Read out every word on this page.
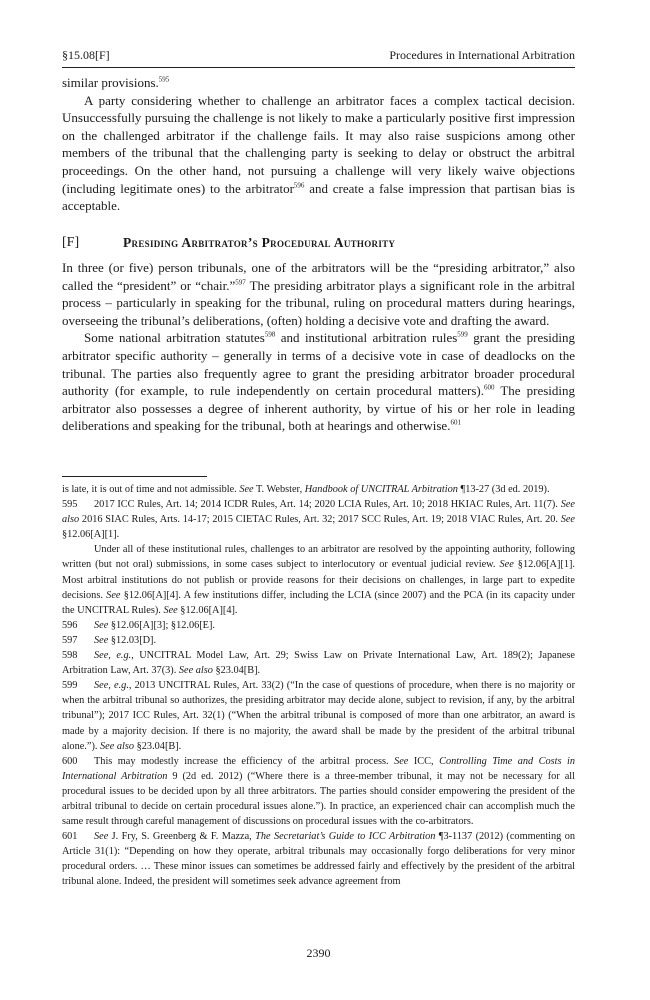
§15.08[F]	Procedures in International Arbitration

similar provisions.$^{595}$

A party considering whether to challenge an arbitrator faces a complex tactical decision. Unsuccessfully pursuing the challenge is not likely to make a particularly positive first impression on the challenged arbitrator if the challenge fails. It may also raise suspicions among other members of the tribunal that the challenging party is seeking to delay or obstruct the arbitral proceedings. On the other hand, not pursuing a challenge will very likely waive objections (including legitimate ones) to the arbitrator$^{596}$ and create a false impression that partisan bias is acceptable.

[F]	Presiding Arbitrator’s Procedural Authority

In three (or five) person tribunals, one of the arbitrators will be the “presiding arbitrator,” also called the “president” or “chair.”$^{597}$ The presiding arbitrator plays a significant role in the arbitral process – particularly in speaking for the tribunal, ruling on procedural matters during hearings, overseeing the tribunal’s deliberations, (often) holding a decisive vote and drafting the award.

Some national arbitration statutes$^{598}$ and institutional arbitration rules$^{599}$ grant the presiding arbitrator specific authority – generally in terms of a decisive vote in case of deadlocks on the tribunal. The parties also frequently agree to grant the presiding arbitrator broader procedural authority (for example, to rule independently on certain procedural matters).$^{600}$ The presiding arbitrator also possesses a degree of inherent authority, by virtue of his or her role in leading deliberations and speaking for the tribunal, both at hearings and otherwise.$^{601}$

is late, it is out of time and not admissible. See T. Webster, Handbook of UNCITRAL Arbitration ¶13-27 (3d ed. 2019).

595 2017 ICC Rules, Art. 14; 2014 ICDR Rules, Art. 14; 2020 LCIA Rules, Art. 10; 2018 HKIAC Rules, Art. 11(7). See also 2016 SIAC Rules, Arts. 14-17; 2015 CIETAC Rules, Art. 32; 2017 SCC Rules, Art. 19; 2018 VIAC Rules, Art. 20. See §12.06[A][1].

Under all of these institutional rules, challenges to an arbitrator are resolved by the appointing authority, following written (but not oral) submissions, in some cases subject to interlocutory or eventual judicial review. See §12.06[A][1]. Most arbitral institutions do not publish or provide reasons for their decisions on challenges, in large part to expedite decisions. See §12.06[A][4]. A few institutions differ, including the LCIA (since 2007) and the PCA (in its capacity under the UNCITRAL Rules). See §12.06[A][4].

596 See §12.06[A][3]; §12.06[E].

597 See §12.03[D].

598 See, e.g., UNCITRAL Model Law, Art. 29; Swiss Law on Private International Law, Art. 189(2); Japanese Arbitration Law, Art. 37(3). See also §23.04[B].

599 See, e.g., 2013 UNCITRAL Rules, Art. 33(2) (“In the case of questions of procedure, when there is no majority or when the arbitral tribunal so authorizes, the presiding arbitrator may decide alone, subject to revision, if any, by the arbitral tribunal”); 2017 ICC Rules, Art. 32(1) (“When the arbitral tribunal is composed of more than one arbitrator, an award is made by a majority decision. If there is no majority, the award shall be made by the president of the arbitral tribunal alone.”). See also §23.04[B].

600 This may modestly increase the efficiency of the arbitral process. See ICC, Controlling Time and Costs in International Arbitration 9 (2d ed. 2012) (“Where there is a three-member tribunal, it may not be necessary for all procedural issues to be decided upon by all three arbitrators. The parties should consider empowering the president of the arbitral tribunal to decide on certain procedural issues alone.”). In practice, an experienced chair can accomplish much the same result through careful management of discussions on procedural issues with the co-arbitrators.

601 See J. Fry, S. Greenberg & F. Mazza, The Secretariat’s Guide to ICC Arbitration ¶3-1137 (2012) (commenting on Article 31(1): “Depending on how they operate, arbitral tribunals may occasionally forgo deliberations for very minor procedural orders. … These minor issues can sometimes be addressed fairly and effectively by the president of the arbitral tribunal alone. Indeed, the president will sometimes seek advance agreement from

2390
